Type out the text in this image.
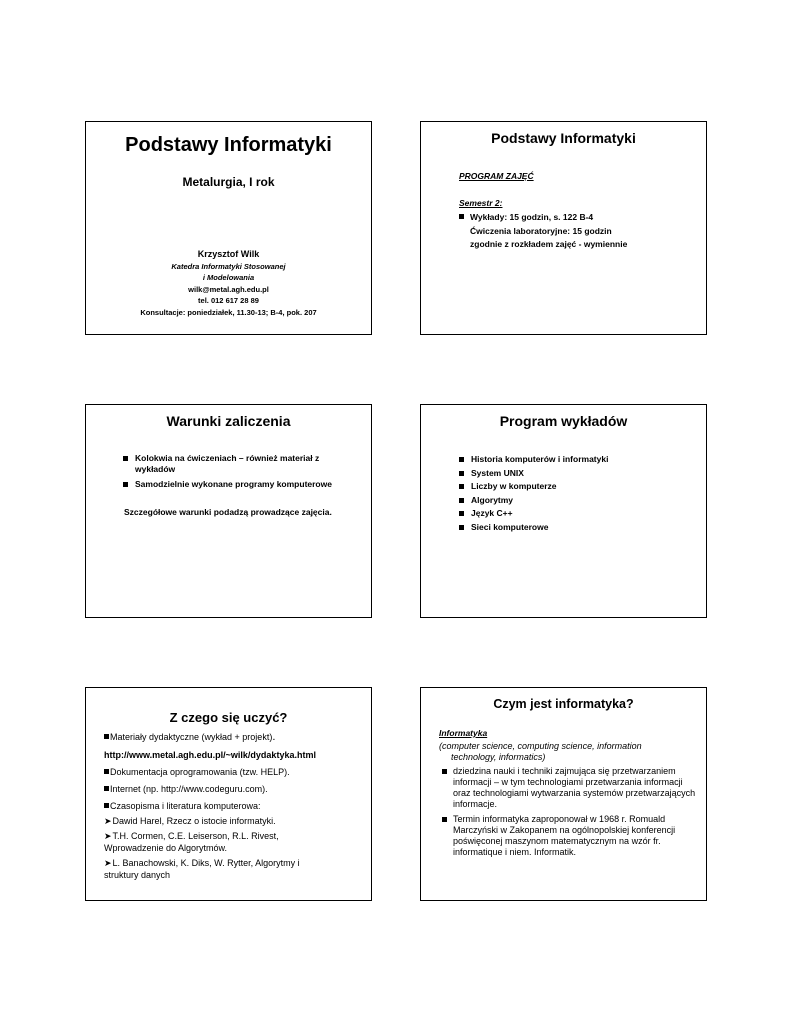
Podstawy Informatyki
Metalurgia, I rok
Krzysztof Wilk
Katedra Informatyki Stosowanej
i Modelowania
wilk@metal.agh.edu.pl
tel. 012 617 28 89
Konsultacje: poniedziałek, 11.30-13; B-4, pok. 207
Podstawy Informatyki
PROGRAM ZAJĘĆ
Semestr 2:
Wykłady: 15 godzin, s. 122 B-4
Ćwiczenia laboratoryjne: 15 godzin
zgodnie z rozkładem zajęć - wymiennie
Warunki zaliczenia
Kolokwia na ćwiczeniach – również materiał z wykładów
Samodzielnie wykonane programy komputerowe
Szczegółowe warunki podadzą prowadzące zajęcia.
Program wykładów
Historia komputerów i informatyki
System UNIX
Liczby w komputerze
Algorytmy
Język C++
Sieci komputerowe
Z czego się uczyć?
Materiały dydaktyczne (wykład + projekt).
http://www.metal.agh.edu.pl/~wilk/dydaktyka.html
Dokumentacja oprogramowania (tzw. HELP).
Internet (np. http://www.codeguru.com).
Czasopisma i literatura komputerowa:
➤Dawid Harel, Rzecz o istocie informatyki.
➤T.H. Cormen, C.E. Leiserson, R.L. Rivest, Wprowadzenie do Algorytmów.
➤L. Banachowski, K. Diks, W. Rytter, Algorytmy i struktury danych
Czym jest informatyka?
Informatyka
(computer science, computing science, information technology, informatics)
dziedzina nauki i techniki zajmująca się przetwarzaniem informacji – w tym technologiami przetwarzania informacji oraz technologiami wytwarzania systemów przetwarzających informacje.
Termin informatyka zaproponował w 1968 r. Romuald Marczyński w Zakopanem na ogólnopolskiej konferencji poświęconej maszynom matematycznym na wzór fr. informatique i niem. Informatik.
